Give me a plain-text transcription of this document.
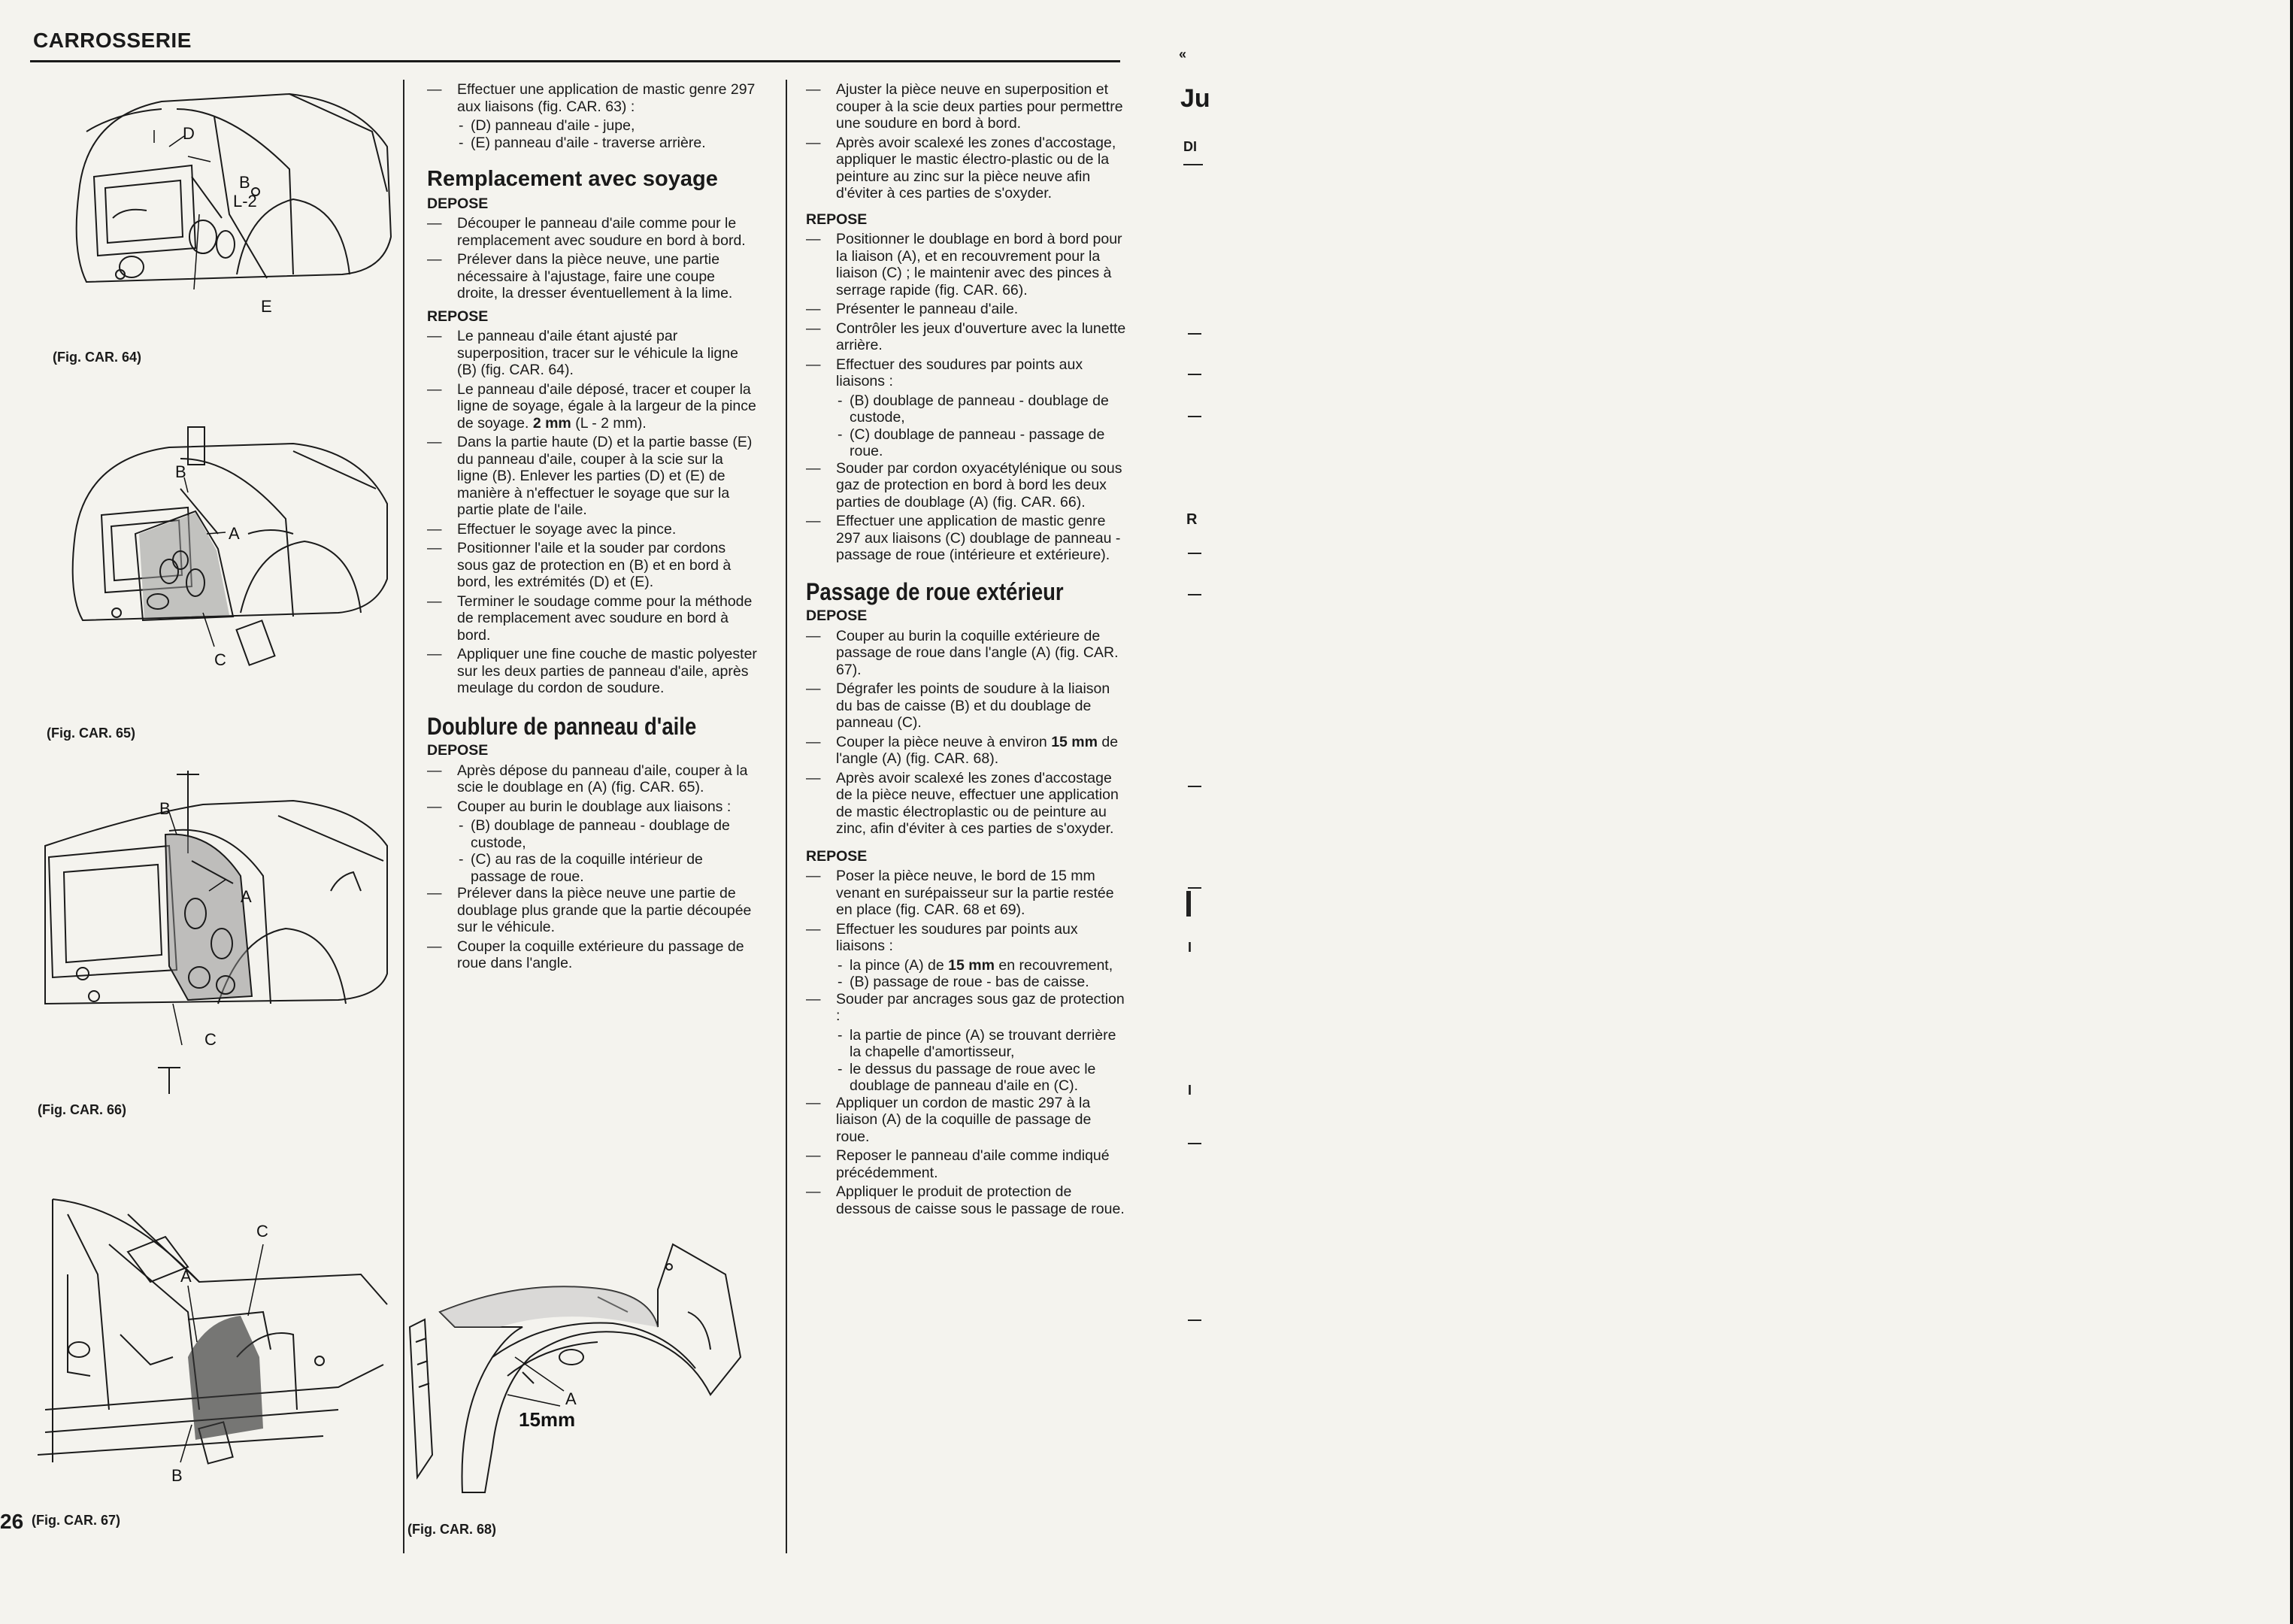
CARROSSERIE
D
B
L-2
E
(Fig. CAR. 64)
B
A
C
(Fig. CAR. 65)
B
A
C
(Fig. CAR. 66)
C
A
B
26 (Fig. CAR. 67)
A
15mm
(Fig. CAR. 68)
— Effectuer une application de mastic genre 297 aux liaisons (fig. CAR. 63) :
- (D) panneau d'aile - jupe,
- (E) panneau d'aile - traverse arrière.
Remplacement avec soyage
DEPOSE
— Découper le panneau d'aile comme pour le remplacement avec soudure en bord à bord.
— Prélever dans la pièce neuve, une partie nécessaire à l'ajustage, faire une coupe droite, la dresser éventuellement à la lime.
REPOSE
— Le panneau d'aile étant ajusté par superposition, tracer sur le véhicule la ligne (B) (fig. CAR. 64).
— Le panneau d'aile déposé, tracer et couper la ligne de soyage, égale à la largeur de la pince de soyage. 2 mm (L - 2 mm).
— Dans la partie haute (D) et la partie basse (E) du panneau d'aile, couper à la scie sur la ligne (B). Enlever les parties (D) et (E) de manière à n'effectuer le soyage que sur la partie plate de l'aile.
— Effectuer le soyage avec la pince.
— Positionner l'aile et la souder par cordons sous gaz de protection en (B) et en bord à bord, les extrémités (D) et (E).
— Terminer le soudage comme pour la méthode de remplacement avec soudure en bord à bord.
— Appliquer une fine couche de mastic polyester sur les deux parties de panneau d'aile, après meulage du cordon de soudure.
Doublure de panneau d'aile
DEPOSE
— Après dépose du panneau d'aile, couper à la scie le doublage en (A) (fig. CAR. 65).
— Couper au burin le doublage aux liaisons :
- (B) doublage de panneau - doublage de custode,
- (C) au ras de la coquille intérieur de passage de roue.
— Prélever dans la pièce neuve une partie de doublage plus grande que la partie découpée sur le véhicule.
— Couper la coquille extérieure du passage de roue dans l'angle.
— Ajuster la pièce neuve en superposition et couper à la scie deux parties pour permettre une soudure en bord à bord.
— Après avoir scalexé les zones d'accostage, appliquer le mastic électro-plastic ou de la peinture au zinc sur la pièce neuve afin d'éviter à ces parties de s'oxyder.
REPOSE
— Positionner le doublage en bord à bord pour la liaison (A), et en recouvrement pour la liaison (C) ; le maintenir avec des pinces à serrage rapide (fig. CAR. 66).
— Présenter le panneau d'aile.
— Contrôler les jeux d'ouverture avec la lunette arrière.
— Effectuer des soudures par points aux liaisons :
- (B) doublage de panneau - doublage de custode,
- (C) doublage de panneau - passage de roue.
— Souder par cordon oxyacétylénique ou sous gaz de protection en bord à bord les deux parties de doublage (A) (fig. CAR. 66).
— Effectuer une application de mastic genre 297 aux liaisons (C) doublage de panneau - passage de roue (intérieure et extérieure).
Passage de roue extérieur
DEPOSE
— Couper au burin la coquille extérieure de passage de roue dans l'angle (A) (fig. CAR. 67).
— Dégrafer les points de soudure à la liaison du bas de caisse (B) et du doublage de panneau (C).
— Couper la pièce neuve à environ 15 mm de l'angle (A) (fig. CAR. 68).
— Après avoir scalexé les zones d'accostage de la pièce neuve, effectuer une application de mastic électroplastic ou de peinture au zinc, afin d'éviter à ces parties de s'oxyder.
REPOSE
— Poser la pièce neuve, le bord de 15 mm venant en surépaisseur sur la partie restée en place (fig. CAR. 68 et 69).
— Effectuer les soudures par points aux liaisons :
- la pince (A) de 15 mm en recouvrement,
- (B) passage de roue - bas de caisse.
— Souder par ancrages sous gaz de protection :
- la partie de pince (A) se trouvant derrière la chapelle d'amortisseur,
- le dessus du passage de roue avec le doublage de panneau d'aile en (C).
— Appliquer un cordon de mastic 297 à la liaison (A) de la coquille de passage de roue.
— Reposer le panneau d'aile comme indiqué précédemment.
— Appliquer le produit de protection de dessous de caisse sous le passage de roue.
«
Ju
DI
R
I
I
